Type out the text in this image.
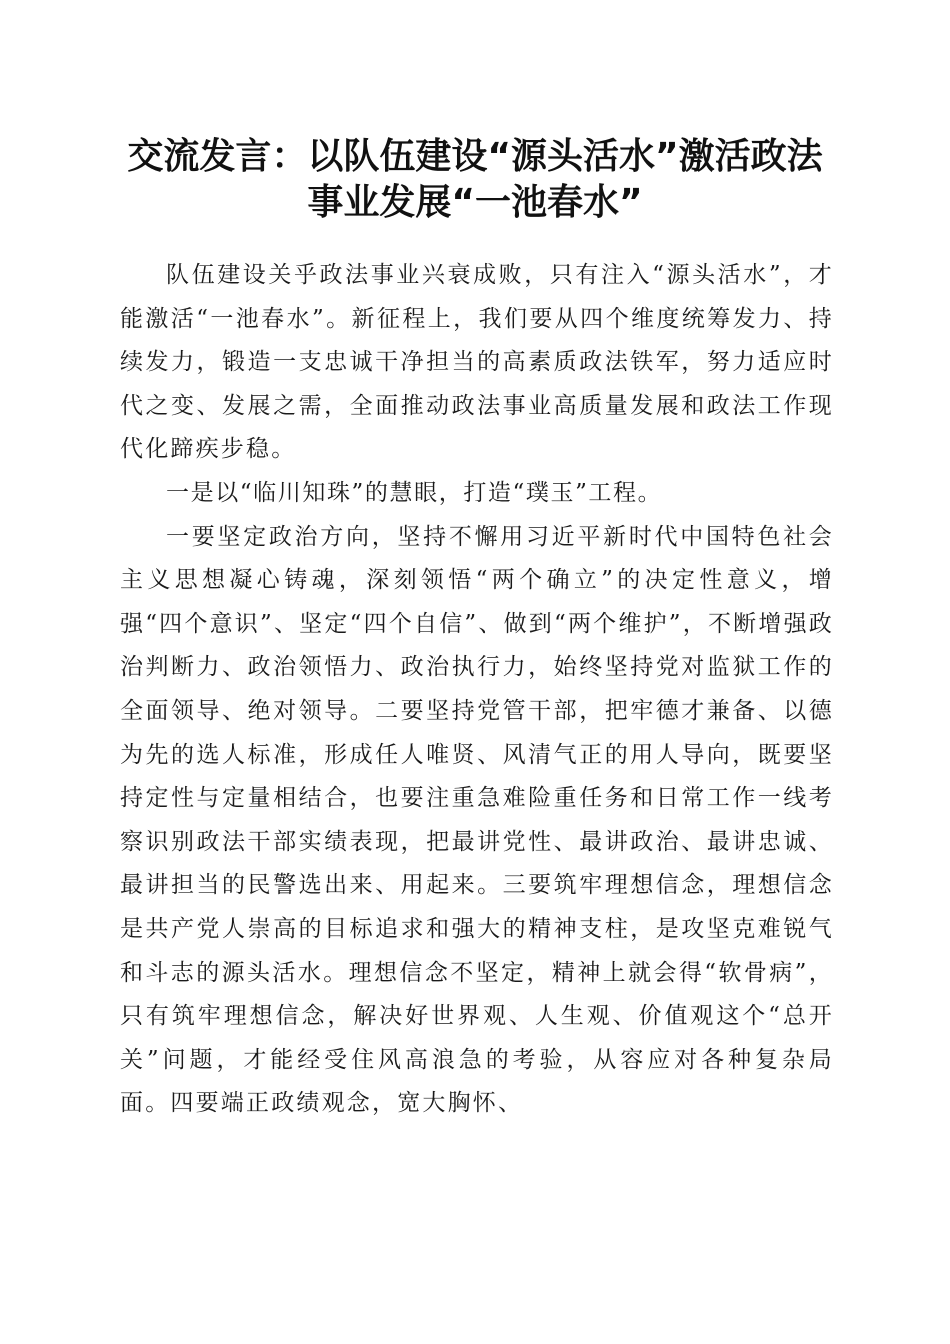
交流发言：以队伍建设“源头活水”激活政法
事业发展“一池春水”

队伍建设关乎政法事业兴衰成败，只有注入“源头活水”，才能激活“一池春水”。新征程上，我们要从四个维度统筹发力、持续发力，锻造一支忠诚干净担当的高素质政法铁军，努力适应时代之变、发展之需，全面推动政法事业高质量发展和政法工作现代化蹄疾步稳。

一是以“临川知珠”的慧眼，打造“璞玉”工程。

一要坚定政治方向，坚持不懈用习近平新时代中国特色社会主义思想凝心铸魂，深刻领悟“两个确立”的决定性意义，增强“四个意识”、坚定“四个自信”、做到“两个维护”，不断增强政治判断力、政治领悟力、政治执行力，始终坚持党对监狱工作的全面领导、绝对领导。二要坚持党管干部，把牢德才兼备、以德为先的选人标准，形成任人唯贤、风清气正的用人导向，既要坚持定性与定量相结合，也要注重急难险重任务和日常工作一线考察识别政法干部实绩表现，把最讲党性、最讲政治、最讲忠诚、最讲担当的民警选出来、用起来。三要筑牢理想信念，理想信念是共产党人崇高的目标追求和强大的精神支柱，是攻坚克难锐气和斗志的源头活水。理想信念不坚定，精神上就会得“软骨病”，只有筑牢理想信念，解决好世界观、人生观、价值观这个“总开关”问题，才能经受住风高浪急的考验，从容应对各种复杂局面。四要端正政绩观念，宽大胸怀、
